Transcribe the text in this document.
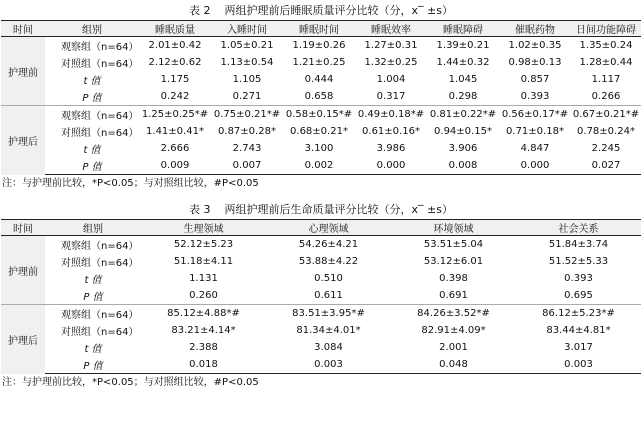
表 2 两组护理前后睡眠质量评分比较（分，x‾ ±s）
时间	组别	睡眠质量	入睡时间	睡眠时间	睡眠效率	睡眠障碍	催眠药物	日间功能障碍
护理前	观察组（n=64）	2.01±0.42	1.05±0.21	1.19±0.26	1.27±0.31	1.39±0.21	1.02±0.35	1.35±0.24
	对照组（n=64）	2.12±0.62	1.13±0.54	1.21±0.25	1.32±0.25	1.44±0.32	0.98±0.13	1.28±0.44
	t 值	1.175	1.105	0.444	1.004	1.045	0.857	1.117
	P 值	0.242	0.271	0.658	0.317	0.298	0.393	0.266
护理后	观察组（n=64）	1.25±0.25*#	0.75±0.21*#	0.58±0.15*#	0.49±0.18*#	0.81±0.22*#	0.56±0.17*#	0.67±0.21*#
	对照组（n=64）	1.41±0.41*	0.87±0.28*	0.68±0.21*	0.61±0.16*	0.94±0.15*	0.71±0.18*	0.78±0.24*
	t 值	2.666	2.743	3.100	3.986	3.906	4.847	2.245
	P 值	0.009	0.007	0.002	0.000	0.008	0.000	0.027
注：与护理前比较，*P<0.05；与对照组比较，#P<0.05
表 3 两组护理前后生命质量评分比较（分，x‾ ±s）
时间	组别	生理领域	心理领域	环境领域	社会关系
护理前	观察组（n=64）	52.12±5.23	54.26±4.21	53.51±5.04	51.84±3.74
	对照组（n=64）	51.18±4.11	53.88±4.22	53.12±6.01	51.52±5.33
	t 值	1.131	0.510	0.398	0.393
	P 值	0.260	0.611	0.691	0.695
护理后	观察组（n=64）	85.12±4.88*#	83.51±3.95*#	84.26±3.52*#	86.12±5.23*#
	对照组（n=64）	83.21±4.14*	81.34±4.01*	82.91±4.09*	83.44±4.81*
	t 值	2.388	3.084	2.001	3.017
	P 值	0.018	0.003	0.048	0.003
注：与护理前比较，*P<0.05；与对照组比较，#P<0.05
